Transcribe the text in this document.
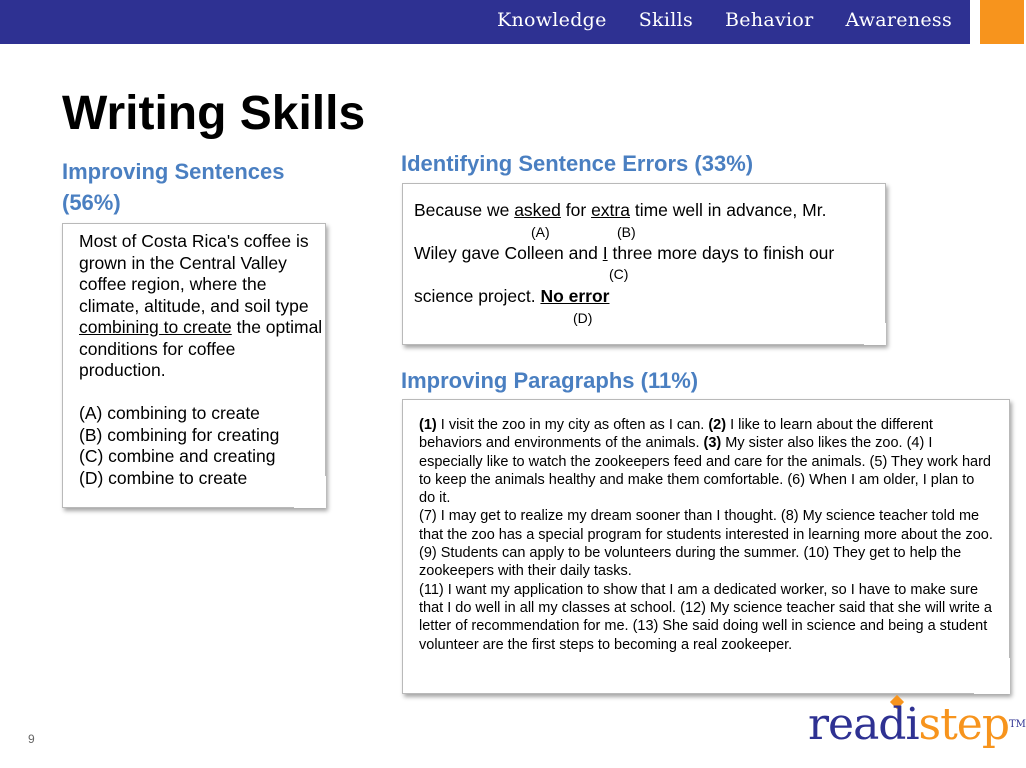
Knowledge Skills Behavior Awareness
Writing Skills
Improving Sentences (56%)
Most of Costa Rica's coffee is grown in the Central Valley coffee region, where the climate, altitude, and soil type combining to create the optimal conditions for coffee production.
(A) combining to create
(B) combining for creating
(C) combine and creating
(D) combine to create
Identifying Sentence Errors (33%)
Because we asked for extra time well in advance, Mr.
Wiley gave Colleen and I three more days to finish our
science project. No error
(A)	(B)
(C)
(D)
Improving Paragraphs (11%)
(1) I visit the zoo in my city as often as I can. (2) I like to learn about the different behaviors and environments of the animals. (3) My sister also likes the zoo. (4) I especially like to watch the zookeepers feed and care for the animals. (5) They work hard to keep the animals healthy and make them comfortable. (6) When I am older, I plan to do it.
(7) I may get to realize my dream sooner than I thought. (8) My science teacher told me that the zoo has a special program for students interested in learning more about the zoo. (9) Students can apply to be volunteers during the summer. (10) They get to help the zookeepers with their daily tasks.
(11) I want my application to show that I am a dedicated worker, so I have to make sure that I do well in all my classes at school. (12) My science teacher said that she will write a letter of recommendation for me. (13) She said doing well in science and being a student volunteer are the first steps to becoming a real zookeeper.
9	readistep™
